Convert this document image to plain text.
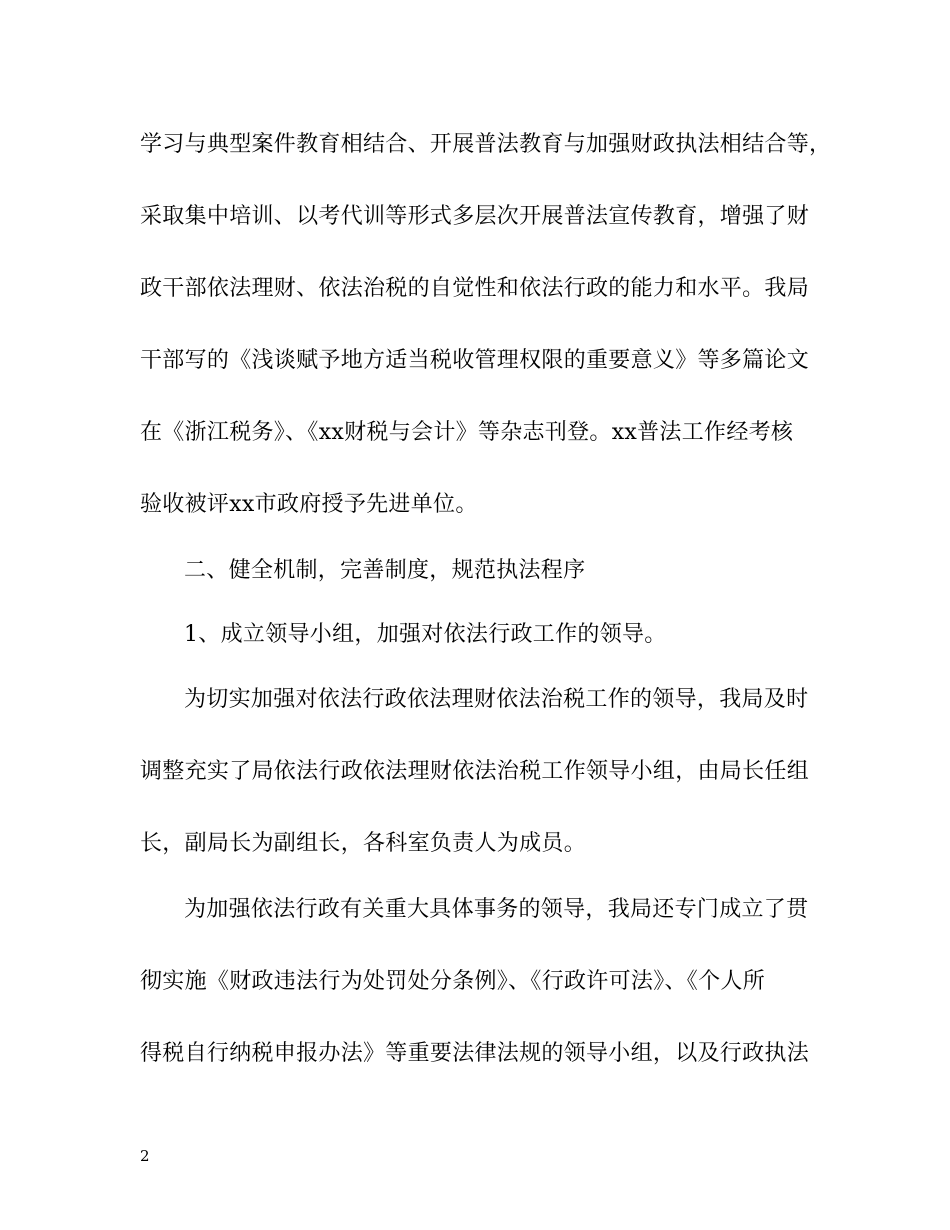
学习与典型案件教育相结合、开展普法教育与加强财政执法相结合等，
采取集中培训、以考代训等形式多层次开展普法宣传教育，增强了财
政干部依法理财、依法治税的自觉性和依法行政的能力和水平。我局
干部写的《浅谈赋予地方适当税收管理权限的重要意义》等多篇论文
在《浙江税务》、《xx财税与会计》等杂志刊登。xx普法工作经考核
验收被评xx市政府授予先进单位。
二、健全机制，完善制度，规范执法程序
1、成立领导小组，加强对依法行政工作的领导。
为切实加强对依法行政依法理财依法治税工作的领导，我局及时
调整充实了局依法行政依法理财依法治税工作领导小组，由局长任组
长，副局长为副组长，各科室负责人为成员。
为加强依法行政有关重大具体事务的领导，我局还专门成立了贯
彻实施《财政违法行为处罚处分条例》、《行政许可法》、《个人所
得税自行纳税申报办法》等重要法律法规的领导小组，以及行政执法
2
